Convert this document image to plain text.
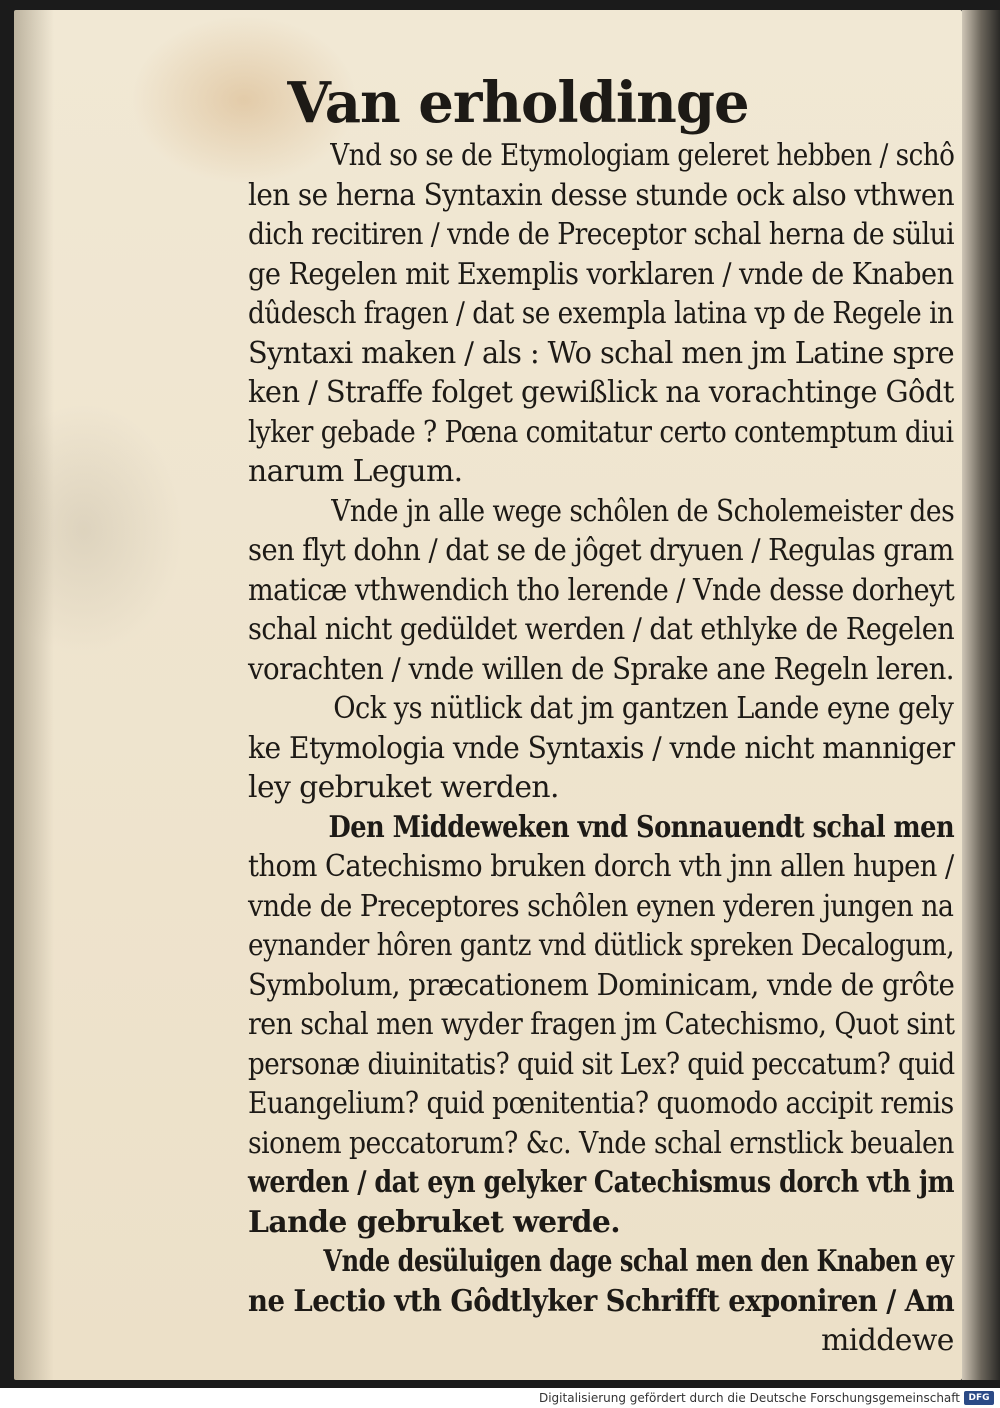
Van erholdinge
Vnd so se de Etymologiam geleret hebben / schô
len se herna Syntaxin desse stunde ock also vthwen
dich recitiren / vnde de Preceptor schal herna de sülui
ge Regelen mit Exemplis vorklaren / vnde de Knaben
dûdesch fragen / dat se exempla latina vp de Regele in
Syntaxi maken / als : Wo schal men jm Latine spre
ken / Straffe folget gewißlick na vorachtinge Gôdt
lyker gebade ? Pœna comitatur certo contemptum diui
narum Legum.
Vnde jn alle wege schôlen de Scholemeister des
sen flyt dohn / dat se de jôget dryuen / Regulas gram
maticæ vthwendich tho lerende / Vnde desse dorheyt
schal nicht gedüldet werden / dat ethlyke de Regelen
vorachten / vnde willen de Sprake ane Regeln leren.
Ock ys nütlick dat jm gantzen Lande eyne gely
ke Etymologia vnde Syntaxis / vnde nicht manniger
ley gebruket werden.
Den Middeweken vnd Sonnauendt schal men
thom Catechismo bruken dorch vth jnn allen hupen /
vnde de Preceptores schôlen eynen yderen jungen na
eynander hôren gantz vnd dütlick spreken Decalogum,
Symbolum, præcationem Dominicam, vnde de grôte
ren schal men wyder fragen jm Catechismo, Quot sint
personæ diuinitatis? quid sit Lex? quid peccatum? quid
Euangelium? quid pœnitentia? quomodo accipit remis
sionem peccatorum? &c. Vnde schal ernstlick beualen
werden / dat eyn gelyker Catechismus dorch vth jm
Lande gebruket werde.
Vnde desüluigen dage schal men den Knaben ey
ne Lectio vth Gôdtlyker Schrifft exponiren / Am
middewe
Digitalisierung gefördert durch die Deutsche Forschungsgemeinschaft DFG
